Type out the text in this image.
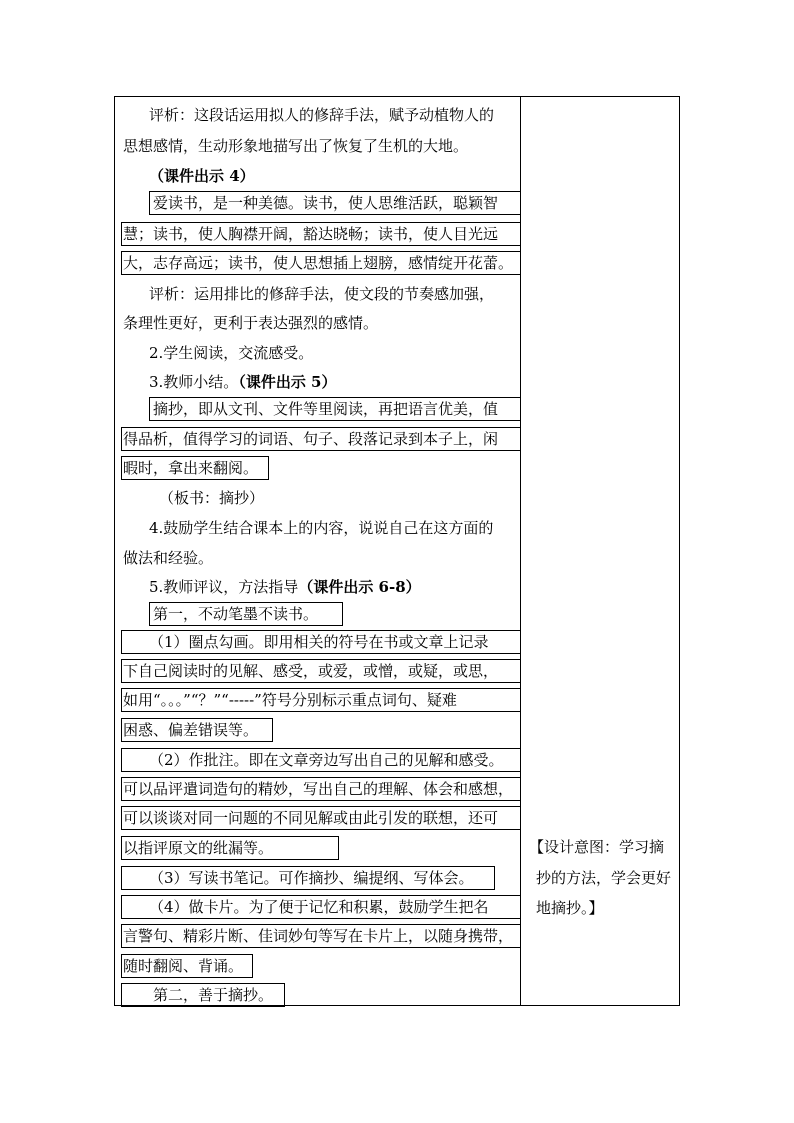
评析：这段话运用拟人的修辞手法，赋予动植物人的
思想感情，生动形象地描写出了恢复了生机的大地。
（课件出示 4）
爱读书，是一种美德。读书，使人思维活跃，聪颖智
慧；读书，使人胸襟开阔，豁达晓畅；读书，使人目光远
大，志存高远；读书，使人思想插上翅膀，感情绽开花蕾。
评析：运用排比的修辞手法，使文段的节奏感加强，
条理性更好，更利于表达强烈的感情。
2.学生阅读，交流感受。
3.教师小结。（课件出示 5）
摘抄，即从文刊、文件等里阅读，再把语言优美，值
得品析，值得学习的词语、句子、段落记录到本子上，闲
暇时，拿出来翻阅。
（板书：摘抄）
4.鼓励学生结合课本上的内容，说说自己在这方面的
做法和经验。
5.教师评议，方法指导（课件出示 6-8）
第一，不动笔墨不读书。
（1）圈点勾画。即用相关的符号在书或文章上记录
下自己阅读时的见解、感受，或爱，或憎，或疑，或思，
如用“。。。”“？”“-----”符号分别标示重点词句、疑难
困惑、偏差错误等。
（2）作批注。即在文章旁边写出自己的见解和感受。
可以品评遣词造句的精妙，写出自己的理解、体会和感想，
可以谈谈对同一问题的不同见解或由此引发的联想，还可
以指评原文的纰漏等。
（3）写读书笔记。可作摘抄、编提纲、写体会。
（4）做卡片。为了便于记忆和积累，鼓励学生把名
言警句、精彩片断、佳词妙句等写在卡片上，以随身携带，
随时翻阅、背诵。
第二，善于摘抄。
【设计意图：学习摘
抄的方法，学会更好
地摘抄。】
